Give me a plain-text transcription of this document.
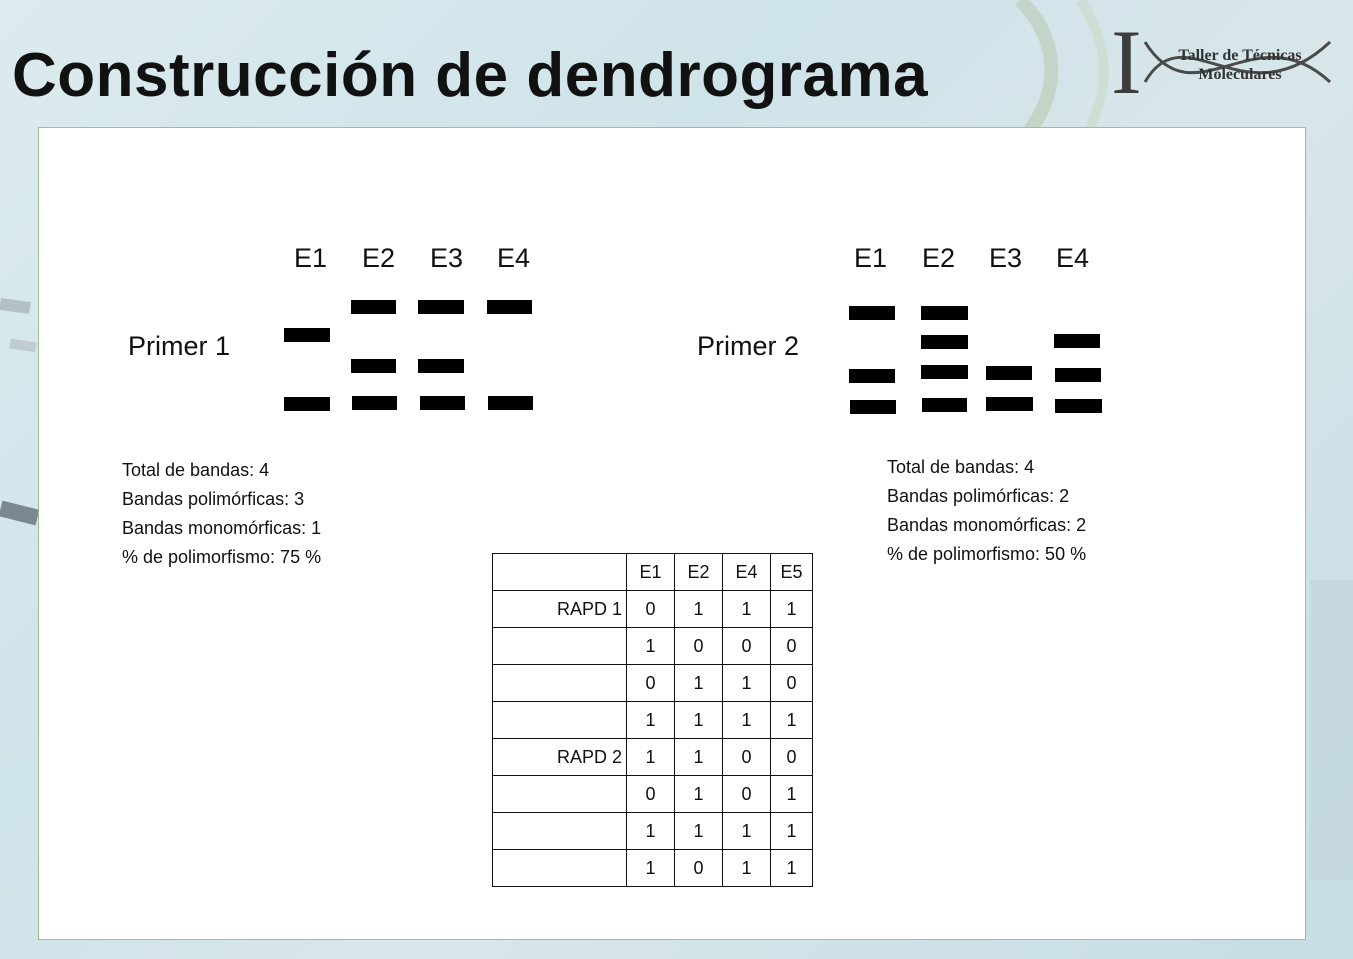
Construcción de dendrograma I	Taller de Técnicas
Moleculares
E1 E2 E3 E4
Primer 1
Total de bandas: 4
Bandas polimórficas: 3
Bandas monomórficas: 1
% de polimorfismo: 75 %
E1 E2 E3 E4
Primer 2
Total de bandas: 4
Bandas polimórficas: 2
Bandas monomórficas: 2
% de polimorfismo: 50 %
	E1	E2	E4	E5
RAPD 1	0	1	1	1
	1	0	0	0
	0	1	1	0
	1	1	1	1
RAPD 2	1	1	0	0
	0	1	0	1
	1	1	1	1
	1	0	1	1
